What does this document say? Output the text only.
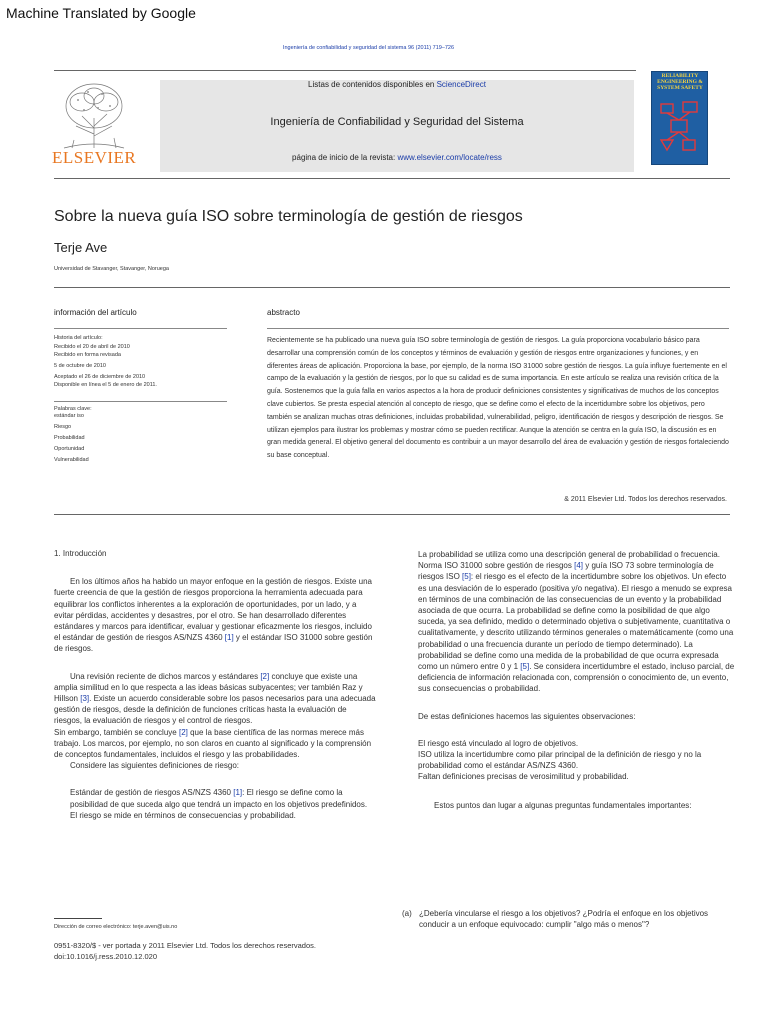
Machine Translated by Google
Ingeniería de confiabilidad y seguridad del sistema 96 (2011) 719–726
ELSEVIER
Listas de contenidos disponibles en ScienceDirect
Ingeniería de Confiabilidad y Seguridad del Sistema
página de inicio de la revista: www.elsevier.com/locate/ress
RELIABILITY ENGINEERING & SYSTEM SAFETY
Sobre la nueva guía ISO sobre terminología de gestión de riesgos
Terje Ave
Universidad de Stavanger, Stavanger, Noruega
información del artículo
Historia del artículo:
Recibido el 20 de abril de 2010
Recibido en forma revisada
5 de octubre de 2010
Aceptado el 26 de diciembre de 2010
Disponible en línea el 5 de enero de 2011.
Palabras clave:
estándar iso
Riesgo
Probabilidad
Oportunidad
Vulnerabilidad
abstracto
Recientemente se ha publicado una nueva guía ISO sobre terminología de gestión de riesgos. La guía proporciona vocabulario básico para desarrollar una comprensión común de los conceptos y términos de evaluación y gestión de riesgos entre organizaciones y funciones, y en diferentes áreas de aplicación. Proporciona la base, por ejemplo, de la norma ISO 31000 sobre gestión de riesgos. La guía influye fuertemente en el campo de la evaluación y la gestión de riesgos, por lo que su calidad es de suma importancia. En este artículo se realiza una revisión crítica de la guía. Sostenemos que la guía falla en varios aspectos a la hora de producir definiciones consistentes y significativas de muchos de los conceptos clave cubiertos. Se presta especial atención al concepto de riesgo, que se define como el efecto de la incertidumbre sobre los objetivos, pero también se analizan muchas otras definiciones, incluidas probabilidad, vulnerabilidad, peligro, identificación de riesgos y descripción de riesgos. Se utilizan ejemplos para ilustrar los problemas y mostrar cómo se pueden rectificar. Aunque la atención se centra en la guía ISO, la discusión es en gran medida general. El objetivo general del documento es contribuir a un mayor desarrollo del área de evaluación y gestión de riesgos fortaleciendo su base conceptual.
& 2011 Elsevier Ltd. Todos los derechos reservados.
1. Introducción

En los últimos años ha habido un mayor enfoque en la gestión de riesgos. Existe una fuerte creencia de que la gestión de riesgos proporciona la herramienta adecuada para equilibrar los conflictos inherentes a la exploración de oportunidades, por un lado, y a evitar pérdidas, accidentes y desastres, por el otro. Se han desarrollado diferentes estándares y marcos para identificar, evaluar y gestionar eficazmente los riesgos, incluido el estándar de gestión de riesgos AS/NZS 4360 [1] y el estándar ISO 31000 sobre gestión de riesgos.

Una revisión reciente de dichos marcos y estándares [2] concluye que existe una amplia similitud en lo que respecta a las ideas básicas subyacentes; ver también Raz y Hillson [3]. Existe un acuerdo considerable sobre los pasos necesarios para una adecuada gestión de riesgos, desde la definición de funciones críticas hasta la evaluación de riesgos, la evaluación de riesgos y el control de riesgos.

Sin embargo, también se concluye [2] que la base científica de las normas merece más trabajo. Los marcos, por ejemplo, no son claros en cuanto al significado y la comprensión de conceptos fundamentales, incluidos el riesgo y las probabilidades.

Considere las siguientes definiciones de riesgo:

Estándar de gestión de riesgos AS/NZS 4360 [1]: El riesgo se define como la posibilidad de que suceda algo que tendrá un impacto en los objetivos predefinidos. El riesgo se mide en términos de consecuencias y probabilidad.

Dirección de correo electrónico: terje.aven@uis.no
0951-8320/$ - ver portada y 2011 Elsevier Ltd. Todos los derechos reservados.
doi:10.1016/j.ress.2010.12.020

La probabilidad se utiliza como una descripción general de probabilidad o frecuencia.

Norma ISO 31000 sobre gestión de riesgos [4] y guía ISO 73 sobre terminología de riesgos ISO [5]: el riesgo es el efecto de la incertidumbre sobre los objetivos. Un efecto es una desviación de lo esperado (positiva y/o negativa). El riesgo a menudo se expresa en términos de una combinación de las consecuencias de un evento y la probabilidad asociada de que ocurra. La probabilidad se define como la posibilidad de que algo suceda, ya sea definido, medido o determinado objetiva o subjetivamente, cuantitativa o cualitativamente, y descrito utilizando términos generales o matemáticamente (como una probabilidad o una frecuencia durante un período de tiempo determinado). La probabilidad se define como una medida de la probabilidad de que ocurra expresada como un número entre 0 y 1 [5]. Se considera incertidumbre el estado, incluso parcial, de deficiencia de información relacionada con, comprensión o conocimiento de, un evento, sus consecuencias o probabilidad.

De estas definiciones hacemos las siguientes observaciones:

El riesgo está vinculado al logro de objetivos.

ISO utiliza la incertidumbre como pilar principal de la definición de riesgo y no la probabilidad como el estándar AS/NZS 4360.

Faltan definiciones precisas de verosimilitud y probabilidad.

Estos puntos dan lugar a algunas preguntas fundamentales importantes:

(a) ¿Debería vincularse el riesgo a los objetivos? ¿Podría el enfoque en los objetivos conducir a un enfoque equivocado: cumplir "algo más o menos"?
